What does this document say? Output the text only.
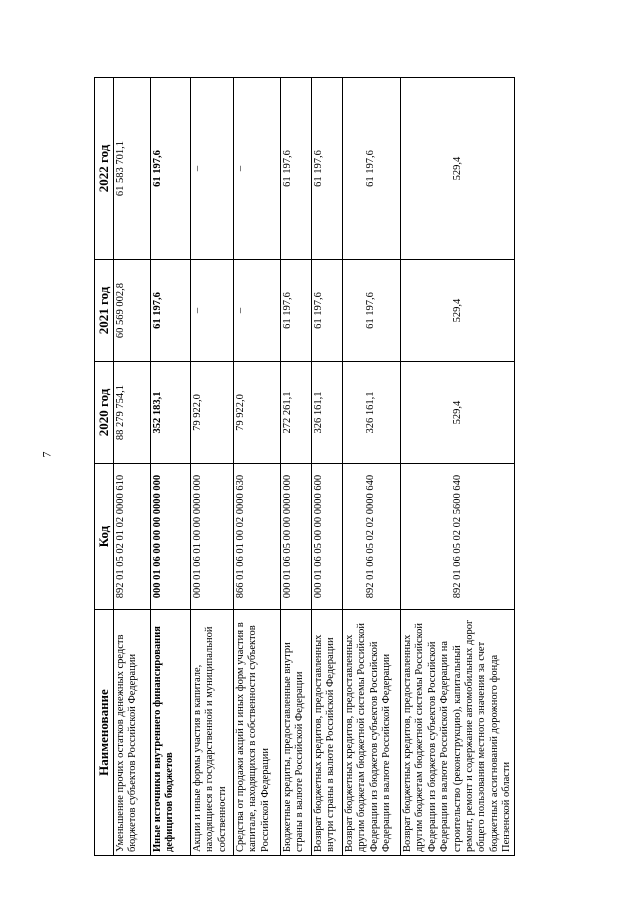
7
Наименование	Код	2020 год	2021 год	2022 год
Уменьшение прочих остатков денежных средств бюджетов субъектов Российской Федерации	892 01 05 02 01 02 0000 610	88 279 754,1	60 569 002,8	61 583 701,1
Иные источники внутреннего финансирования дефицитов бюджетов	000 01 06 00 00 00 0000 000	352 183,1	61 197,6	61 197,6
Акции и иные формы участия в капитале, находящиеся в государственной и муниципальной собственности	000 01 06 01 00 00 0000 000	79 922,0	–	–
Средства от продажи акций и иных форм участия в капитале, находящихся в собственности субъектов Российской Федерации	866 01 06 01 00 02 0000 630	79 922,0	–	–
Бюджетные кредиты, предоставленные внутри страны в валюте Российской Федерации	000 01 06 05 00 00 0000 000	272 261,1	61 197,6	61 197,6
Возврат бюджетных кредитов, предоставленных внутри страны в валюте Российской Федерации	000 01 06 05 00 00 0000 600	326 161,1	61 197,6	61 197,6
Возврат бюджетных кредитов, предоставленных другим бюджетам бюджетной системы Российской Федерации из бюджетов субъектов Российской Федерации в валюте Российской Федерации	892 01 06 05 02 02 0000 640	326 161,1	61 197,6	61 197,6
Возврат бюджетных кредитов, предоставленных другим бюджетам бюджетной системы Российской Федерации из бюджетов субъектов Российской Федерации в валюте Российской Федерации на строительство (реконструкцию), капитальный ремонт, ремонт и содержание автомобильных дорог общего пользования местного значения за счет бюджетных ассигнований дорожного фонда Пензенской области	892 01 06 05 02 02 5600 640	529,4	529,4	529,4
